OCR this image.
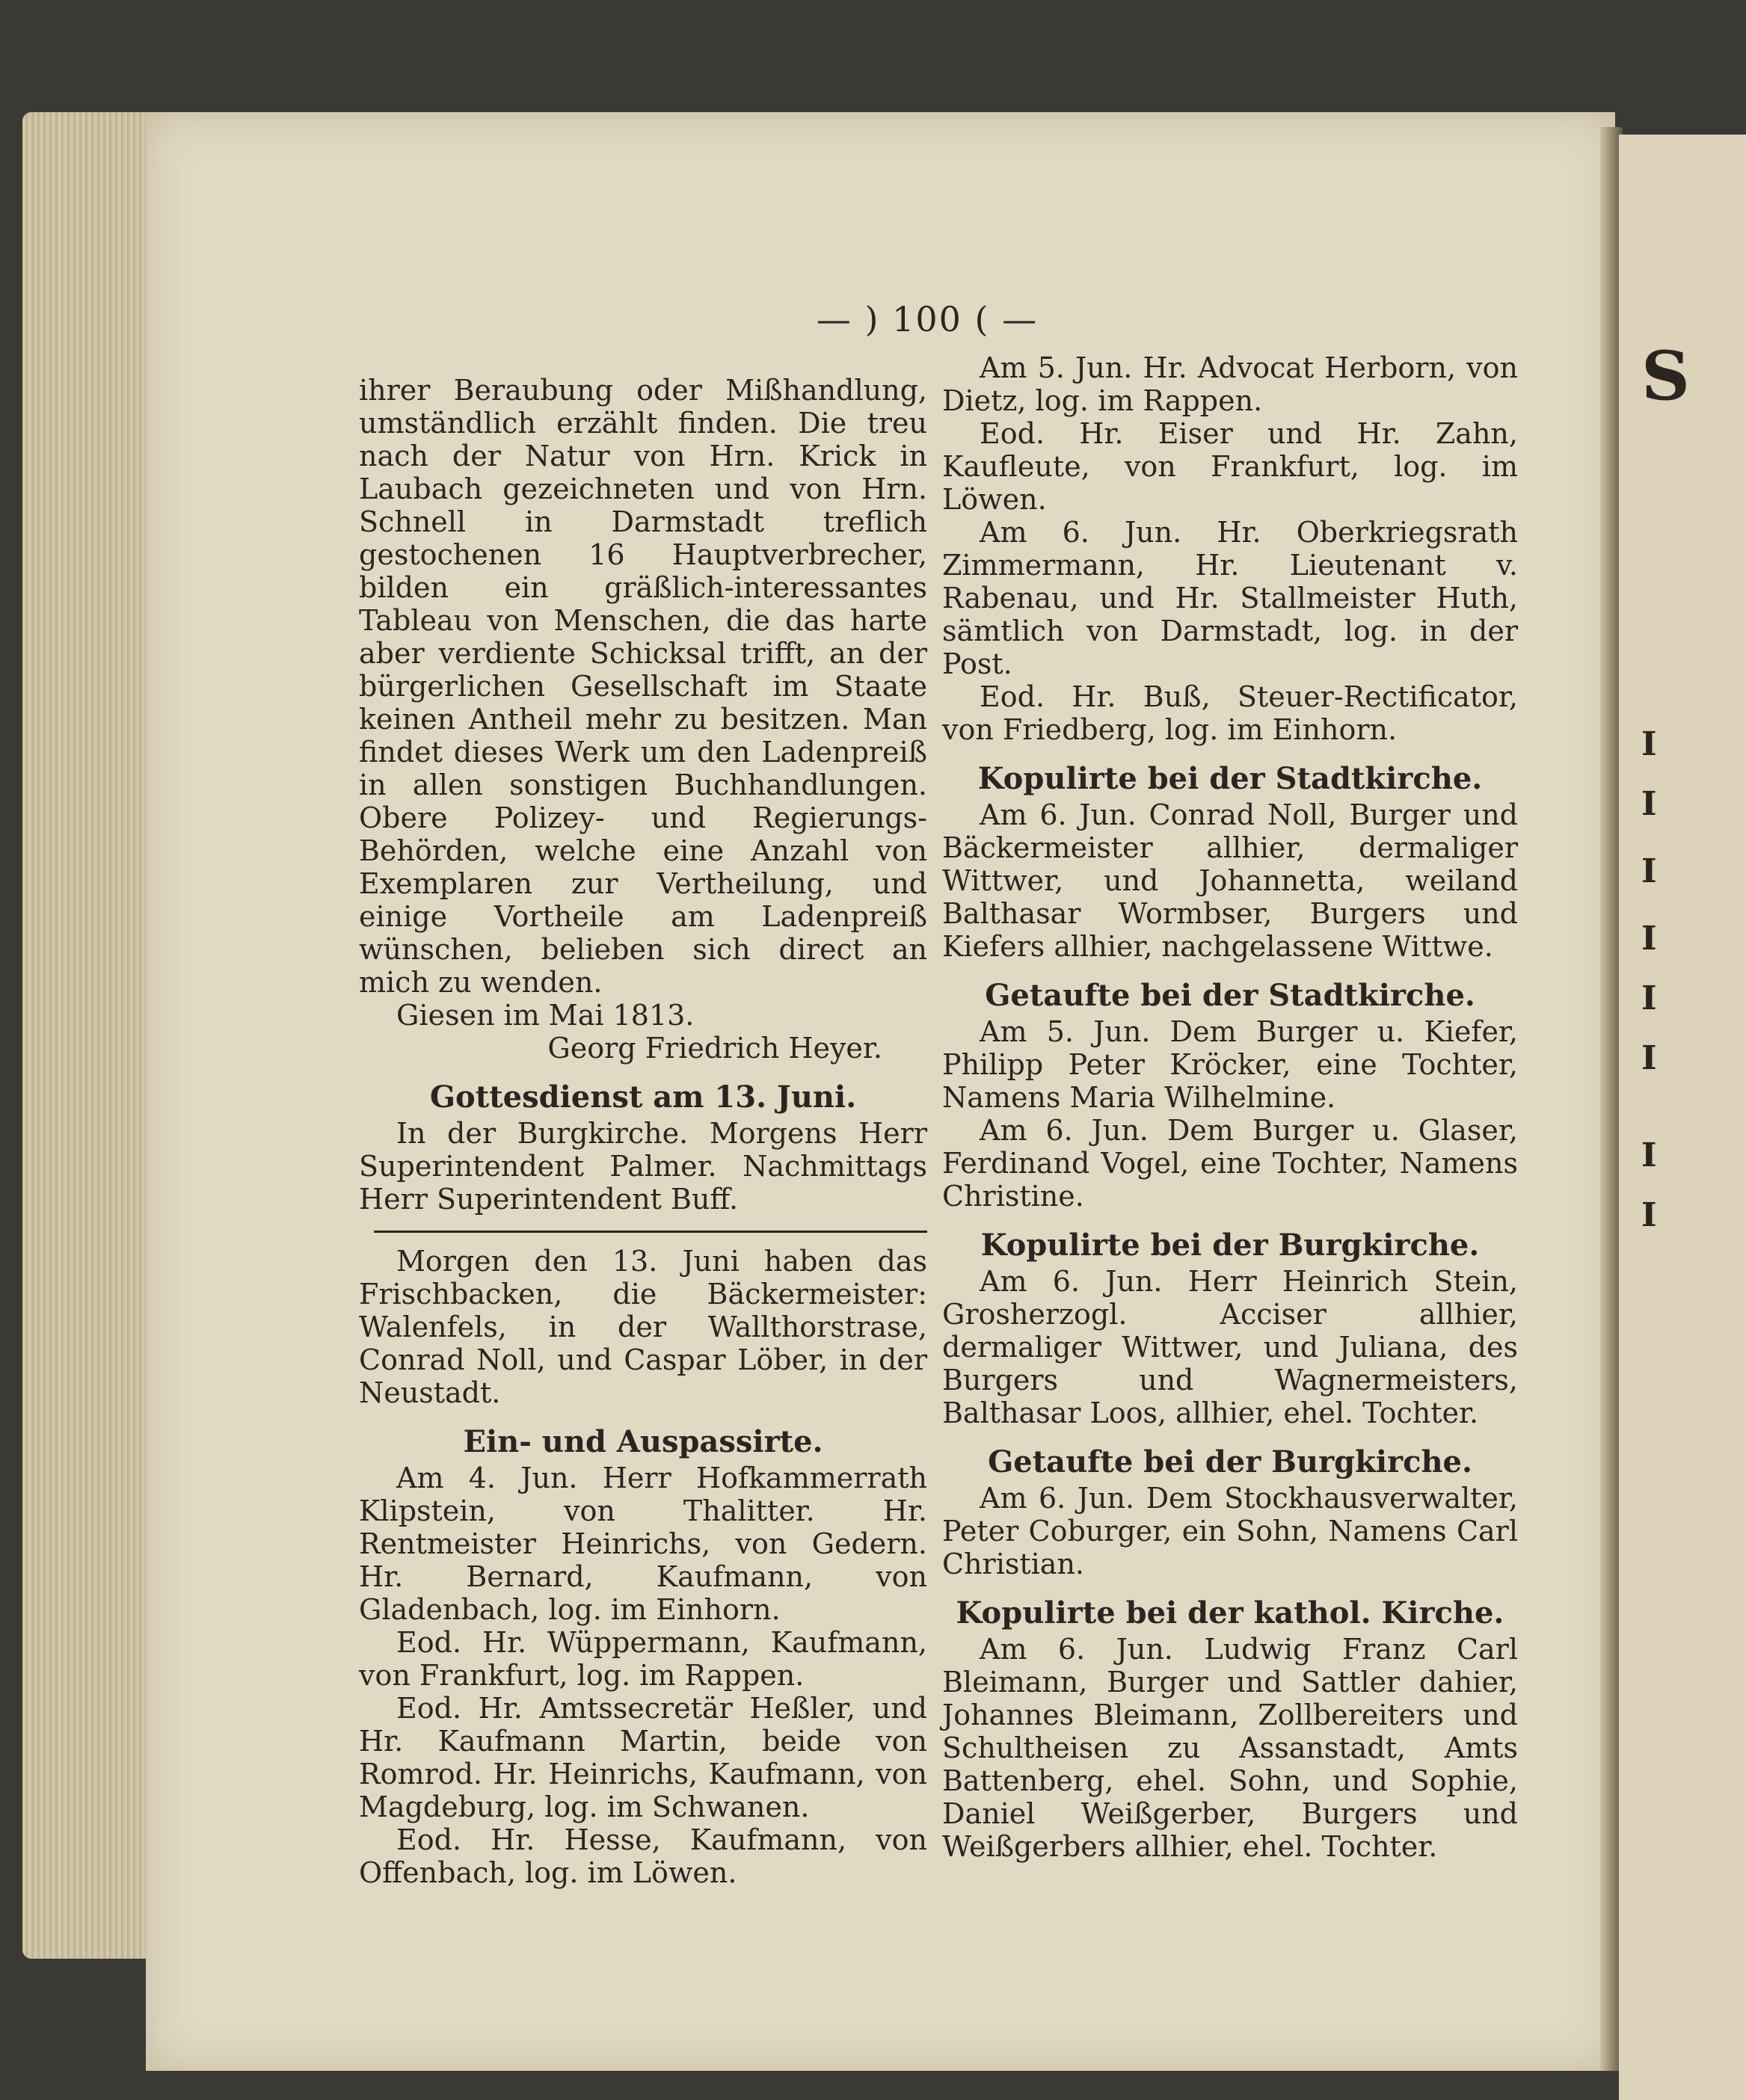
S
I
I
I
I
I
I
I
I
— ) 100 ( —

ihrer Beraubung oder Mißhandlung, umständlich erzählt finden. Die treu nach der Natur von Hrn. Krick in Laubach gezeichneten und von Hrn. Schnell in Darmstadt treflich gestochenen 16 Hauptverbrecher, bilden ein gräßlich-interessantes Tableau von Menschen, die das harte aber verdiente Schicksal trifft, an der bürgerlichen Gesellschaft im Staate keinen Antheil mehr zu besitzen. Man findet dieses Werk um den Ladenpreiß in allen sonstigen Buchhandlungen. Obere Polizey- und Regierungs-Behörden, welche eine Anzahl von Exemplaren zur Vertheilung, und einige Vortheile am Ladenpreiß wünschen, belieben sich direct an mich zu wenden.

Giesen im Mai 1813.

Georg Friedrich Heyer.

Gottesdienst am 13. Juni.

In der Burgkirche. Morgens Herr Superintendent Palmer. Nachmittags Herr Superintendent Buff.

Morgen den 13. Juni haben das Frischbacken, die Bäckermeister: Walenfels, in der Wallthorstrase, Conrad Noll, und Caspar Löber, in der Neustadt.

Ein- und Auspassirte.

Am 4. Jun. Herr Hofkammerrath Klipstein, von Thalitter. Hr. Rentmeister Heinrichs, von Gedern. Hr. Bernard, Kaufmann, von Gladenbach, log. im Einhorn.

Eod. Hr. Wüppermann, Kaufmann, von Frankfurt, log. im Rappen.

Eod. Hr. Amtssecretär Heßler, und Hr. Kaufmann Martin, beide von Romrod. Hr. Heinrichs, Kaufmann, von Magdeburg, log. im Schwanen.

Eod. Hr. Hesse, Kaufmann, von Offenbach, log. im Löwen.

Am 5. Jun. Hr. Advocat Herborn, von Dietz, log. im Rappen.

Eod. Hr. Eiser und Hr. Zahn, Kaufleute, von Frankfurt, log. im Löwen.

Am 6. Jun. Hr. Oberkriegsrath Zimmermann, Hr. Lieutenant v. Rabenau, und Hr. Stallmeister Huth, sämtlich von Darmstadt, log. in der Post.

Eod. Hr. Buß, Steuer-Rectificator, von Friedberg, log. im Einhorn.

Kopulirte bei der Stadtkirche.

Am 6. Jun. Conrad Noll, Burger und Bäckermeister allhier, dermaliger Wittwer, und Johannetta, weiland Balthasar Wormbser, Burgers und Kiefers allhier, nachgelassene Wittwe.

Getaufte bei der Stadtkirche.

Am 5. Jun. Dem Burger u. Kiefer, Philipp Peter Kröcker, eine Tochter, Namens Maria Wilhelmine.

Am 6. Jun. Dem Burger u. Glaser, Ferdinand Vogel, eine Tochter, Namens Christine.

Kopulirte bei der Burgkirche.

Am 6. Jun. Herr Heinrich Stein, Grosherzogl. Acciser allhier, dermaliger Wittwer, und Juliana, des Burgers und Wagnermeisters, Balthasar Loos, allhier, ehel. Tochter.

Getaufte bei der Burgkirche.

Am 6. Jun. Dem Stockhausverwalter, Peter Coburger, ein Sohn, Namens Carl Christian.

Kopulirte bei der kathol. Kirche.

Am 6. Jun. Ludwig Franz Carl Bleimann, Burger und Sattler dahier, Johannes Bleimann, Zollbereiters und Schultheisen zu Assanstadt, Amts Battenberg, ehel. Sohn, und Sophie, Daniel Weißgerber, Burgers und Weißgerbers allhier, ehel. Tochter.
